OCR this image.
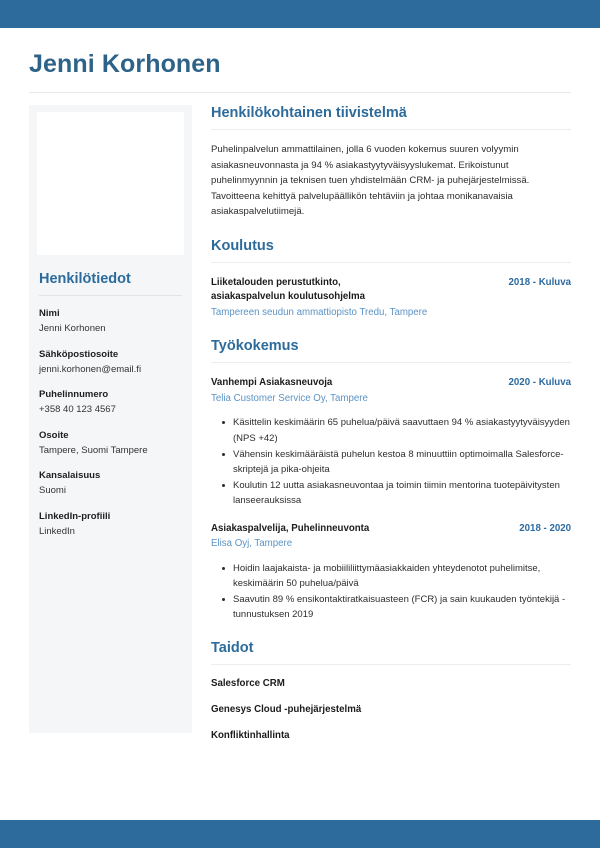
Jenni Korhonen
Henkilötiedot
Nimi
Jenni Korhonen
Sähköpostiosoite
jenni.korhonen@email.fi
Puhelinnumero
+358 40 123 4567
Osoite
Tampere, Suomi Tampere
Kansalaisuus
Suomi
LinkedIn-profiili
LinkedIn
Henkilökohtainen tiivistelmä

Puhelinpalvelun ammattilainen, jolla 6 vuoden kokemus suuren volyymin asiakasneuvonnasta ja 94 % asiakastyytyväisyyslukemat. Erikoistunut puhelinmyynnin ja teknisen tuen yhdistelmään CRM- ja puhejärjestelmissä. Tavoitteena kehittyä palvelupäällikön tehtäviin ja johtaa monikanavaisia asiakaspalvelutiimejä.

Koulutus
Liiketalouden perustutkinto,
asiakaspalvelun koulutusohjelma
2018 - Kuluva
Tampereen seudun ammattiopisto Tredu, Tampere
Työkokemus
Vanhempi Asiakasneuvoja	2020 - Kuluva
Telia Customer Service Oy, Tampere
Käsittelin keskimäärin 65 puhelua/päivä saavuttaen 94 % asiakastyytyväisyyden (NPS +42)
Vähensin keskimääräistä puhelun kestoa 8 minuuttiin optimoimalla Salesforce-skriptejä ja pika-ohjeita
Koulutin 12 uutta asiakasneuvontaa ja toimin tiimin mentorina tuotepäivitysten lanseerauksissa
Asiakaspalvelija, Puhelinneuvonta	2018 - 2020
Elisa Oyj, Tampere
Hoidin laajakaista- ja mobiililiittymäasiakkaiden yhteydenotot puhelimitse, keskimäärin 50 puhelua/päivä
Saavutin 89 % ensikontaktiratkaisuasteen (FCR) ja sain kuukauden työntekijä -tunnustuksen 2019
Taidot
Salesforce CRM
Genesys Cloud -puhejärjestelmä
Konfliktinhallinta
